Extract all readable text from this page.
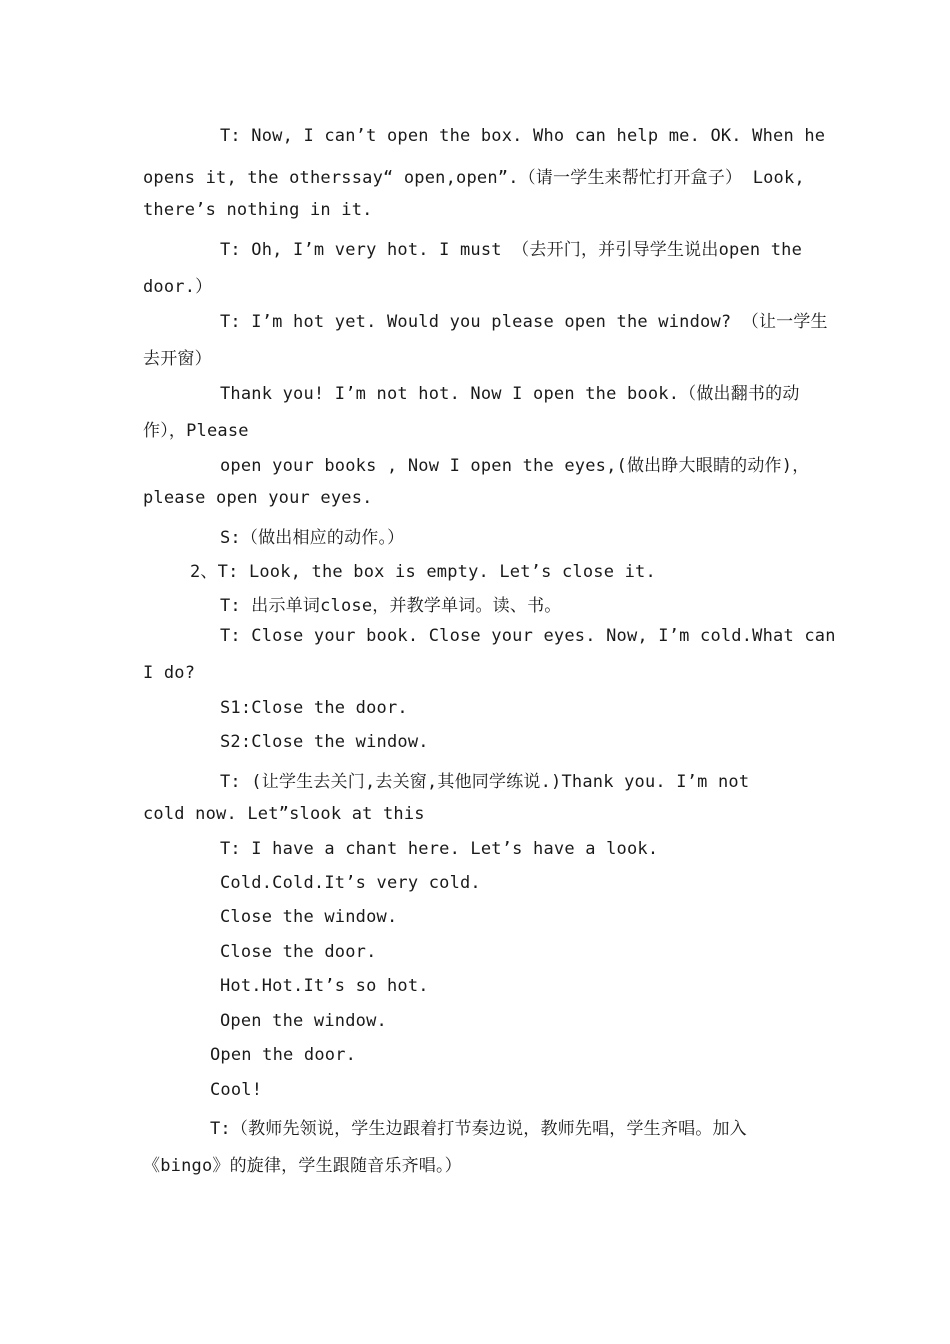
T: Now, I can’t open the box. Who can help me. OK. When he
opens it, the otherssay“ open,open”.（请一学生来帮忙打开盒子） Look,
there’s nothing in it.
T: Oh, I’m very hot. I must （去开门，并引导学生说出open the
door.）
T: I’m hot yet. Would you please open the window? （让一学生
去开窗）
Thank you! I’m not hot. Now I open the book.（做出翻书的动
作），Please
open your books , Now I open the eyes,(做出睁大眼睛的动作)，
please open your eyes.
S:（做出相应的动作。）
2、T: Look, the box is empty. Let’s close it.
T: 出示单词close，并教学单词。读、书。
T: Close your book. Close your eyes. Now, I’m cold.What can
I do?
S1:Close the door.
S2:Close the window.
T: (让学生去关门,去关窗,其他同学练说.)Thank you. I’m not
cold now. Let”slook at this
T: I have a chant here. Let’s have a look.
Cold.Cold.It’s very cold.
Close the window.
Close the door.
Hot.Hot.It’s so hot.
Open the window.
Open the door.
Cool!
T:（教师先领说，学生边跟着打节奏边说，教师先唱，学生齐唱。加入
《bingo》的旋律，学生跟随音乐齐唱。）
